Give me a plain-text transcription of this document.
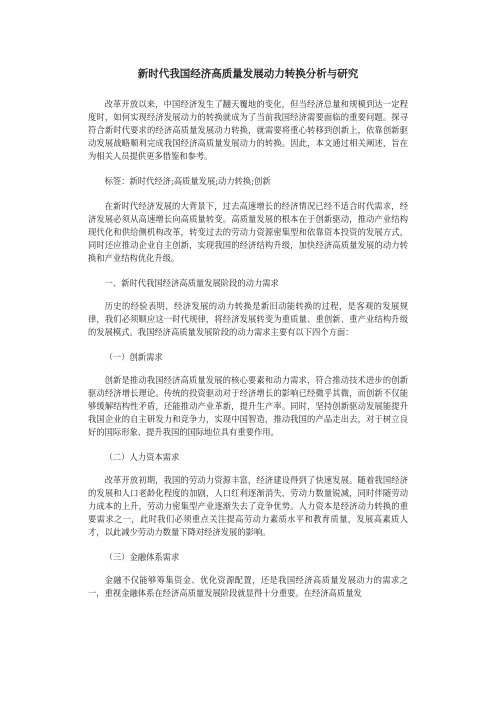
新时代我国经济高质量发展动力转换分析与研究

改革开放以来，中国经济发生了翻天覆地的变化，但当经济总量和规模到达一定程度时，如何实现经济发展动力的转换就成为了当前我国经济需要面临的重要问题。探寻符合新时代要求的经济高质量发展动力转换，就需要将重心转移到创新上，依靠创新驱动发展战略顺利完成我国经济高质量发展动力的转换。因此，本文通过相关阐述，旨在为相关人员提供更多借鉴和参考。

标签：新时代经济;高质量发展;动力转换;创新

在新时代经济发展的大背景下，过去高速增长的经济情况已经不适合时代需求，经济发展必须从高速增长向高质量转变。高质量发展的根本在于创新驱动，推动产业结构现代化和供给侧机构改革，转变过去的劳动力资源密集型和依靠资本投资的发展方式，同时还应推动企业自主创新，实现我国的经济结构升级，加快经济高质量发展的动力转换和产业结构优化升级。

一、新时代我国经济高质量发展阶段的动力需求

历史的经验表明，经济发展的动力转换是新旧动能转换的过程，是客观的发展规律，我们必须顺应这一时代规律，将经济发展转变为重质量、重创新、重产业结构升级的发展模式。我国经济高质量发展阶段的动力需求主要有以下四个方面：

（一）创新需求

创新是推动我国经济高质量发展的核心要素和动力需求，符合推动技术进步的创新驱动经济增长理论。传统的投资驱动对于经济增长的影响已经微乎其微，而创新不仅能够缓解结构性矛盾，还能推动产业革新，提升生产率。同时，坚持创新驱动发展能提升我国企业的自主研发力和竞争力，实现中国智造，推动我国的产品走出去，对于树立良好的国际形象、提升我国的国际地位具有重要作用。

（二）人力资本需求

改革开放初期，我国的劳动力资源丰富，经济建设得到了快速发展。随着我国经济的发展和人口老龄化程度的加剧，人口红利逐渐消失，劳动力数量锐减，同时伴随劳动力成本的上升，劳动力密集型产业逐渐失去了竞争优势。人力资本是经济动力转换的重要需求之一，此时我们必须重点关注提高劳动力素质水平和教育质量，发展高素质人才，以此减少劳动力数量下降对经济发展的影响。

（三）金融体系需求

金融不仅能够筹集资金、优化资源配置，还是我国经济高质量发展动力的需求之一，重视金融体系在经济高质量发展阶段就显得十分重要。在经济高质量发
